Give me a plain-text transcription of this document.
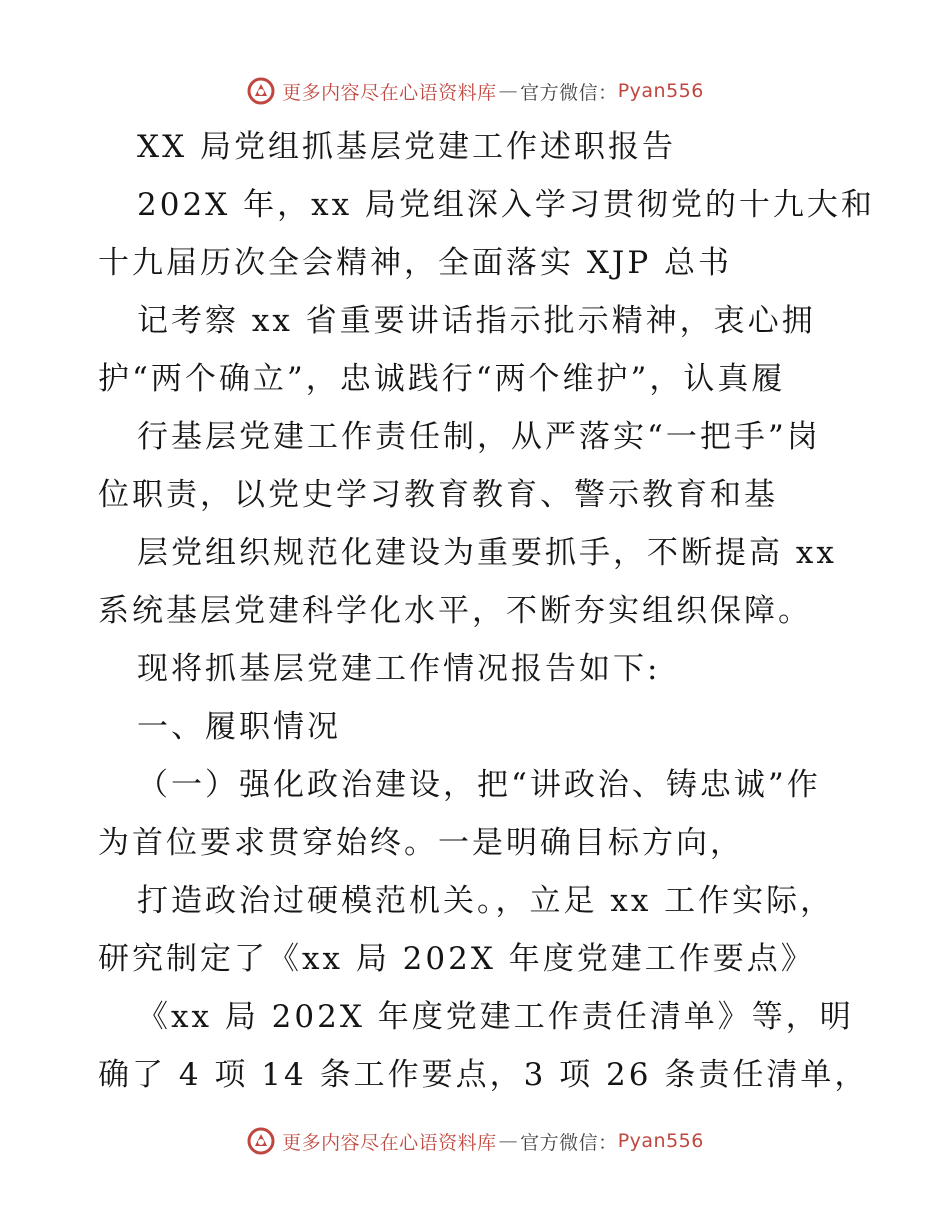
更多内容尽在心语资料库 — 官方微信： Pyan556
XX 局党组抓基层党建工作述职报告
202X 年，xx 局党组深入学习贯彻党的十九大和
十九届历次全会精神，全面落实 XJP 总书
记考察 xx 省重要讲话指示批示精神，衷心拥
护“两个确立”，忠诚践行“两个维护”，认真履
行基层党建工作责任制，从严落实“一把手”岗
位职责，以党史学习教育教育、警示教育和基
层党组织规范化建设为重要抓手，不断提高 xx
系统基层党建科学化水平，不断夯实组织保障。
现将抓基层党建工作情况报告如下:
一、履职情况
（一）强化政治建设，把“讲政治、铸忠诚”作
为首位要求贯穿始终。一是明确目标方向，
打造政治过硬模范机关。，立足 xx 工作实际，
研究制定了《xx 局 202X 年度党建工作要点》
《xx 局 202X 年度党建工作责任清单》等，明
确了 4 项 14 条工作要点，3 项 26 条责任清单，
更多内容尽在心语资料库 — 官方微信： Pyan556
